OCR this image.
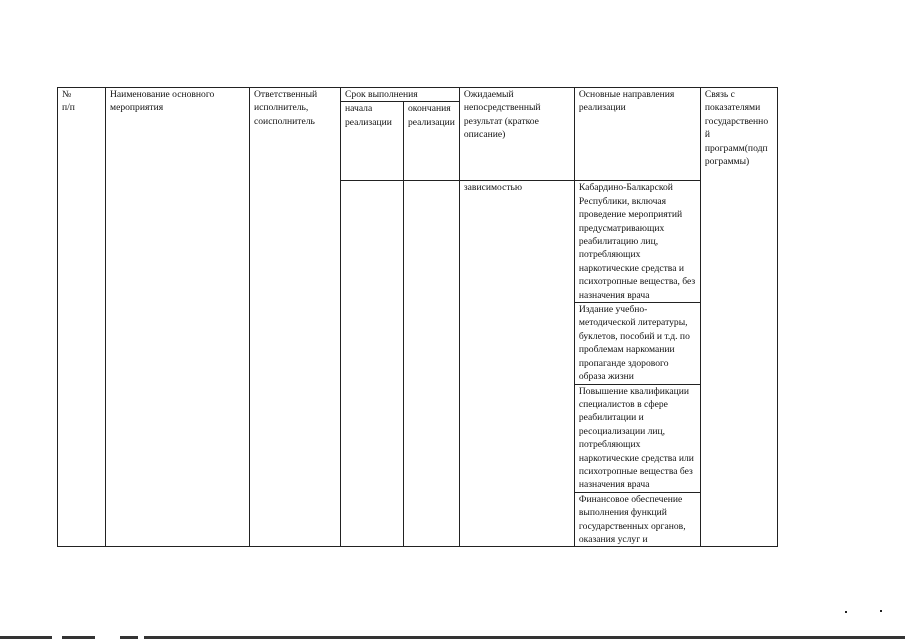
№
п/п	Наименование основного мероприятия	Ответственный исполнитель, соисполнитель	Срок выполнения		Ожидаемый непосредственный результат (краткое описание)	Основные направления реализации	Связь с показателями государственно й программ(подп рограммы)
			начала реализации	окончания реализации			
					зависимостью	Кабардино-Балкарской Республики, включая проведение мероприятий предусматривающих реабилитацию лиц, потребляющих наркотические средства и психотропные вещества, без назначения врача	
						Издание учебно-методической литературы, буклетов, пособий и т.д. по проблемам наркомании пропаганде здорового образа жизни	
						Повышение квалификации специалистов в сфере реабилитации и ресоциализации лиц, потребляющих наркотические средства или психотропные вещества без назначения врача	
						Финансовое обеспечение выполнения функций государственных органов, оказания услуг и	
